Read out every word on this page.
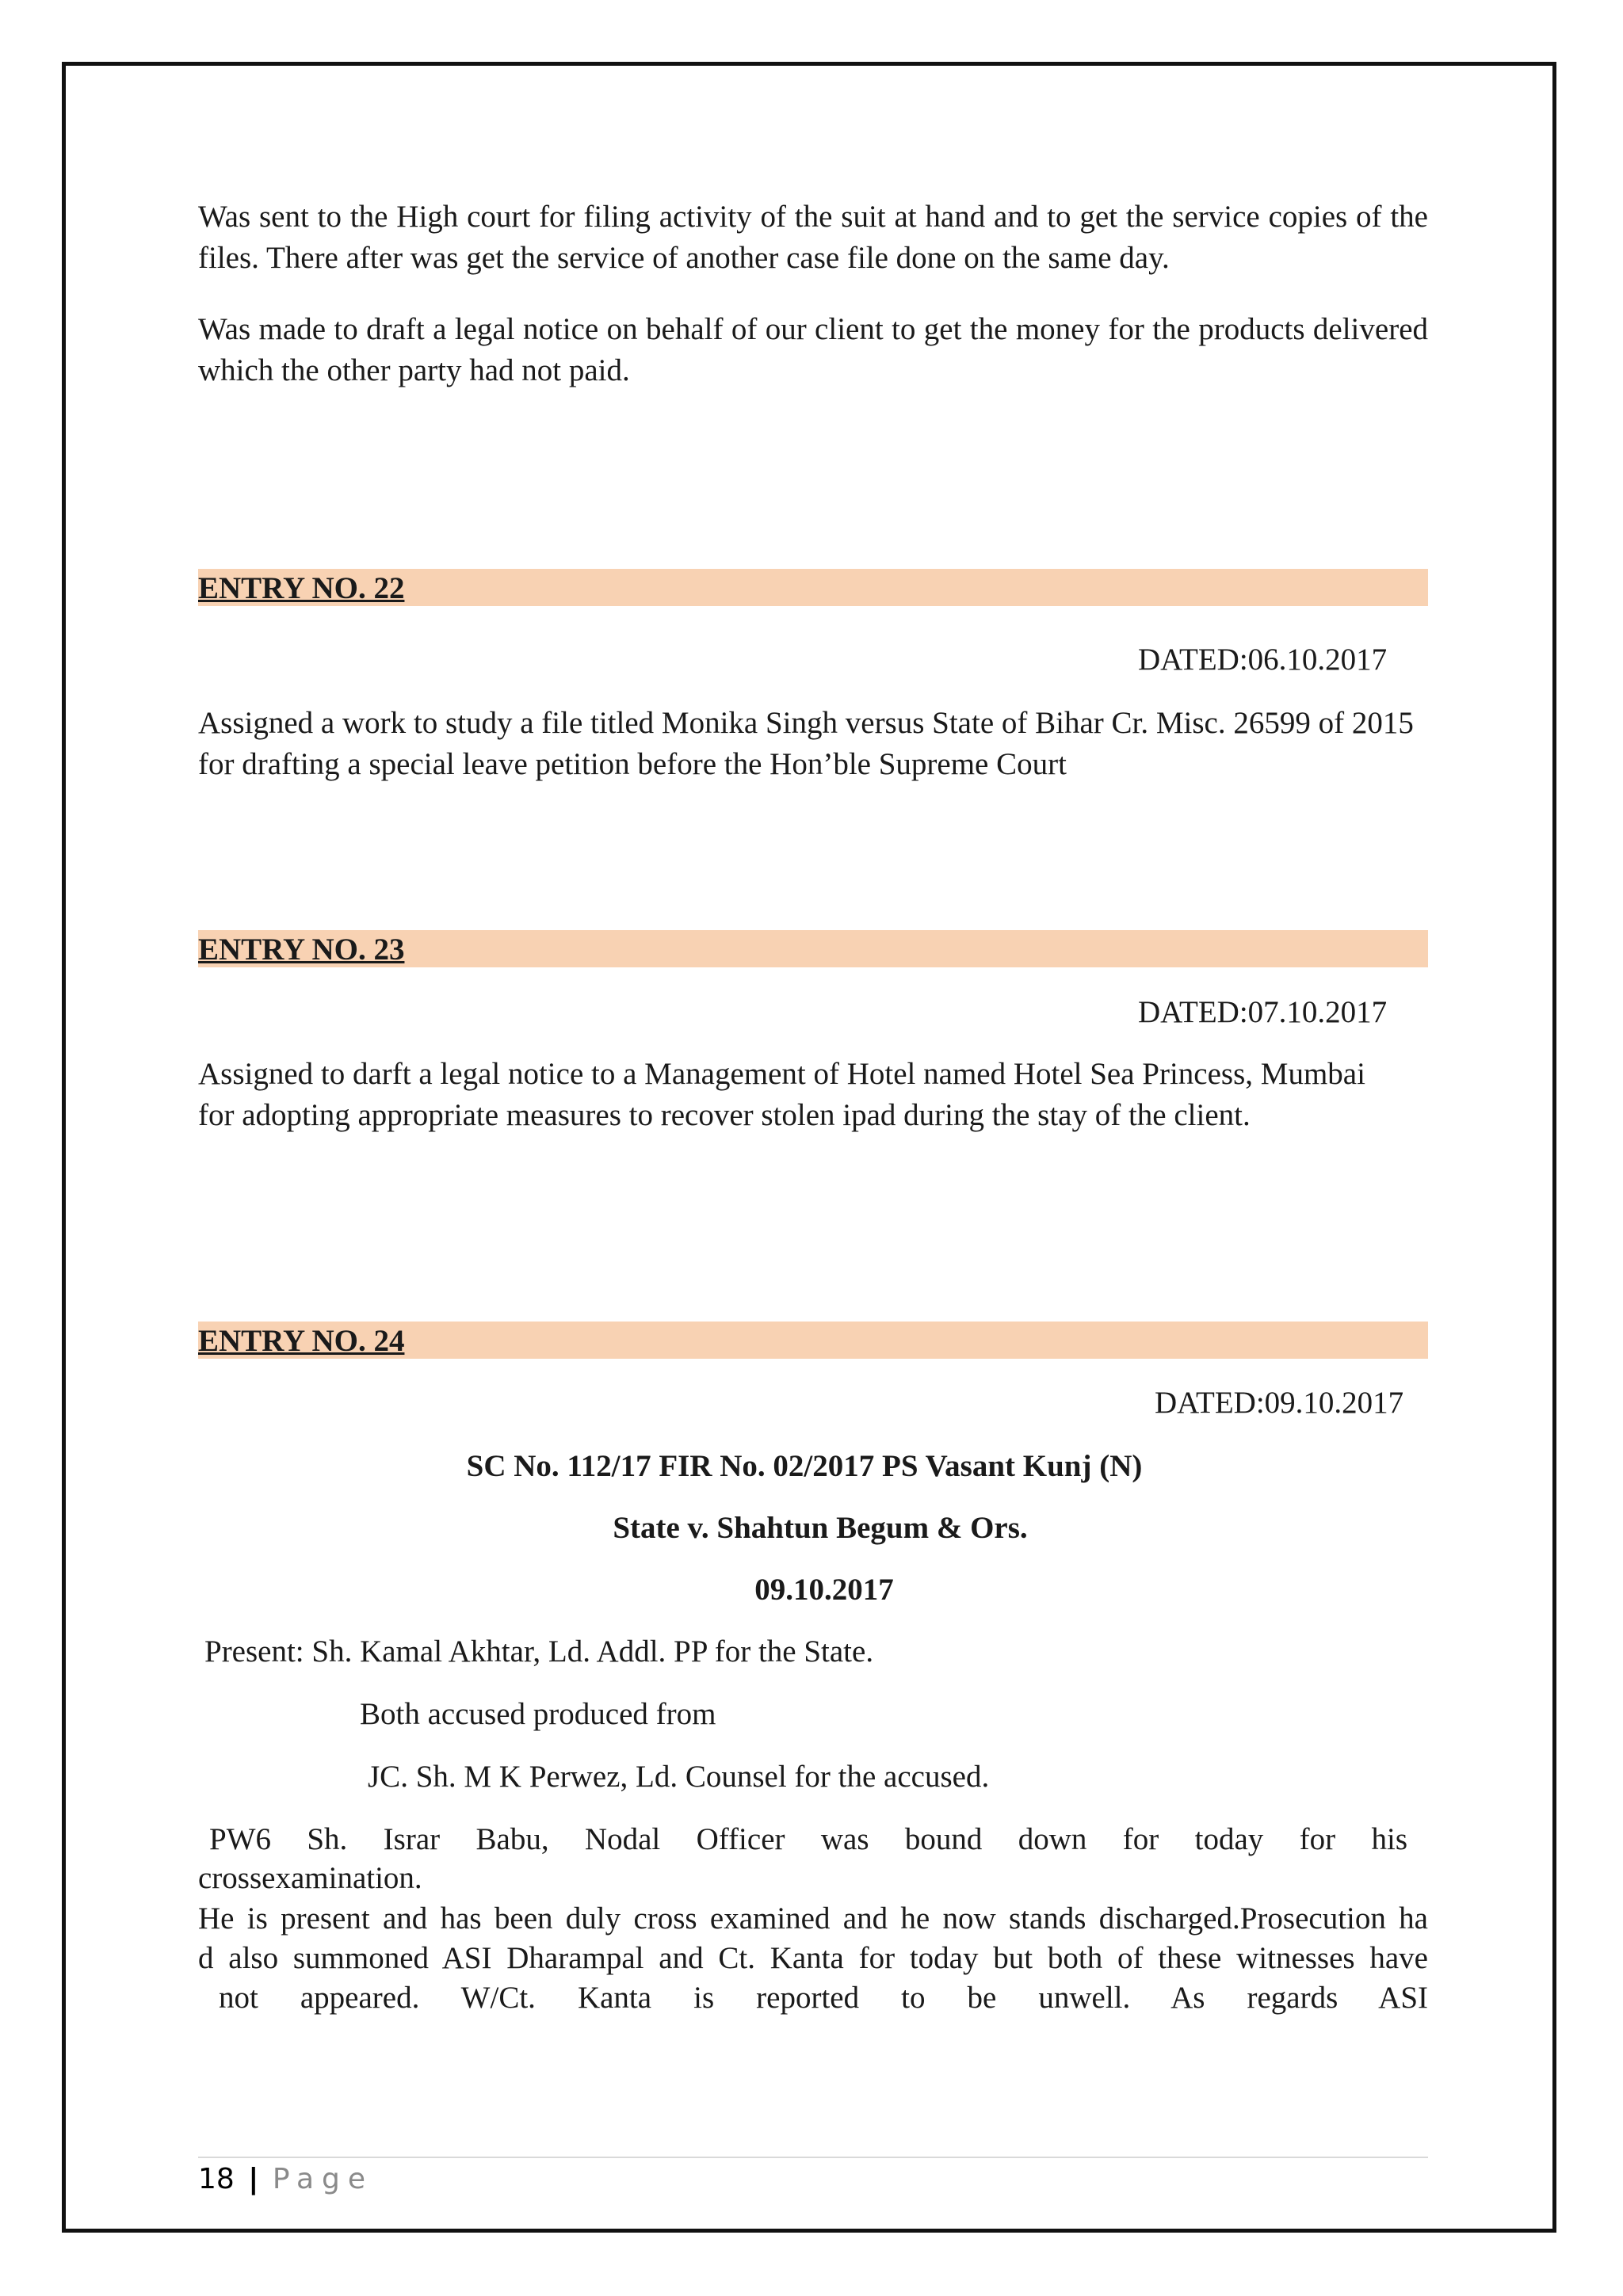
Was sent to the High court for filing activity of the suit at hand and to get the service copies of the files. There after was get the service of another case file done on the same day.

Was made to draft a legal notice on behalf of our client to get the money for the products delivered which the other party had not paid.

ENTRY NO. 22
DATED:06.10.2017

Assigned a work to study a file titled Monika Singh versus State of Bihar Cr. Misc. 26599 of 2015 for drafting a special leave petition before the Hon’ble Supreme Court

ENTRY NO. 23
DATED:07.10.2017

Assigned to darft a legal notice to a Management of Hotel named Hotel Sea Princess, Mumbai for adopting appropriate measures to recover stolen ipad during the stay of the client.

ENTRY NO. 24
DATED:09.10.2017
SC No. 112/17 FIR No. 02/2017 PS Vasant Kunj (N)
State v. Shahtun Begum & Ors.
09.10.2017
Present: Sh. Kamal Akhtar, Ld. Addl. PP for the State.
Both accused produced from
JC. Sh. M K Perwez, Ld. Counsel for the accused.

PW6 Sh. Israr Babu, Nodal Officer was bound down for today for his

crossexamination.

He is present and has been duly cross examined and he now stands discharged.Prosecution ha

d also summoned ASI Dharampal and Ct. Kanta for today but both of these witnesses have

not appeared. W/Ct. Kanta is reported to be unwell. As regards ASI

18 | Page
